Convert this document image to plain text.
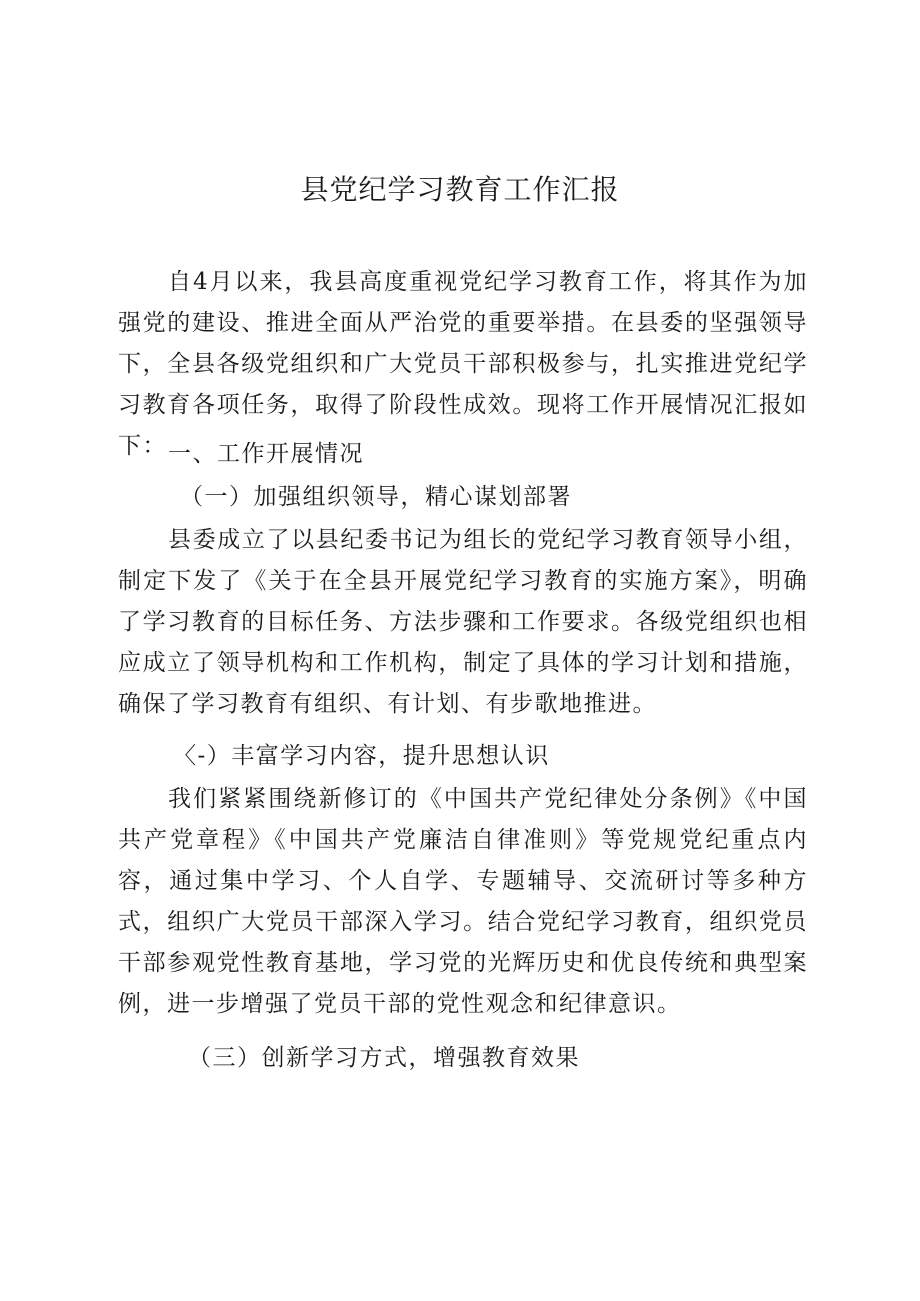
县党纪学习教育工作汇报

自4月以来，我县高度重视党纪学习教育工作，将其作为加强党的建设、推进全面从严治党的重要举措。在县委的坚强领导下，全县各级党组织和广大党员干部积极参与，扎实推进党纪学习教育各项任务，取得了阶段性成效。现将工作开展情况汇报如下： 一、工作开展情况

（一）加强组织领导，精心谋划部署

县委成立了以县纪委书记为组长的党纪学习教育领导小组，制定下发了《关于在全县开展党纪学习教育的实施方案》，明确了学习教育的目标任务、方法步骤和工作要求。各级党组织也相应成立了领导机构和工作机构，制定了具体的学习计划和措施，确保了学习教育有组织、有计划、有步歌地推进。

〈-）丰富学习内容，提升思想认识

我们紧紧围绕新修订的《中国共产党纪律处分条例》《中国共产党章程》《中国共产党廉洁自律准则》等党规党纪重点内容，通过集中学习、个人自学、专题辅导、交流研讨等多种方式，组织广大党员干部深入学习。结合党纪学习教育，组织党员干部参观党性教育基地，学习党的光辉历史和优良传统和典型案例，进一步增强了党员干部的党性观念和纪律意识。

（三）创新学习方式，增强教育效果
